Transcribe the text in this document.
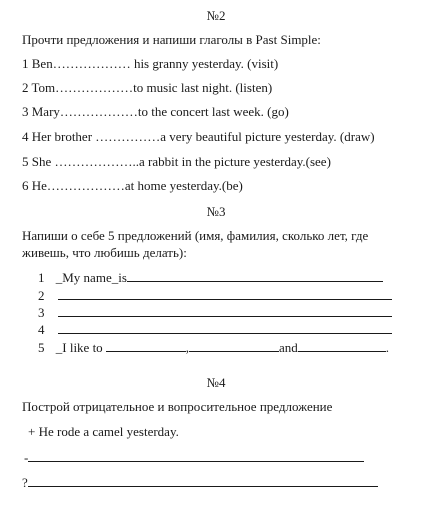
№2
Прочти предложения и напиши глаголы в Past Simple:
1 Ben……………… his granny yesterday. (visit)
2 Tom………………to music last night. (listen)
3 Mary………………to the concert last week. (go)
4 Her brother ……………a very beautiful picture yesterday. (draw)
5 She ………………..a rabbit in the picture yesterday.(see)
6 He………………at home yesterday.(be)
№3
Напиши о себе 5 предложений (имя, фамилия, сколько лет, где
живешь, что любишь делать):
1 _My name_is
2
3
4
5 _I like to	,	and	.
№4
Построй отрицательное и вопросительное предложение
+ He rode a camel yesterday.
-
?
